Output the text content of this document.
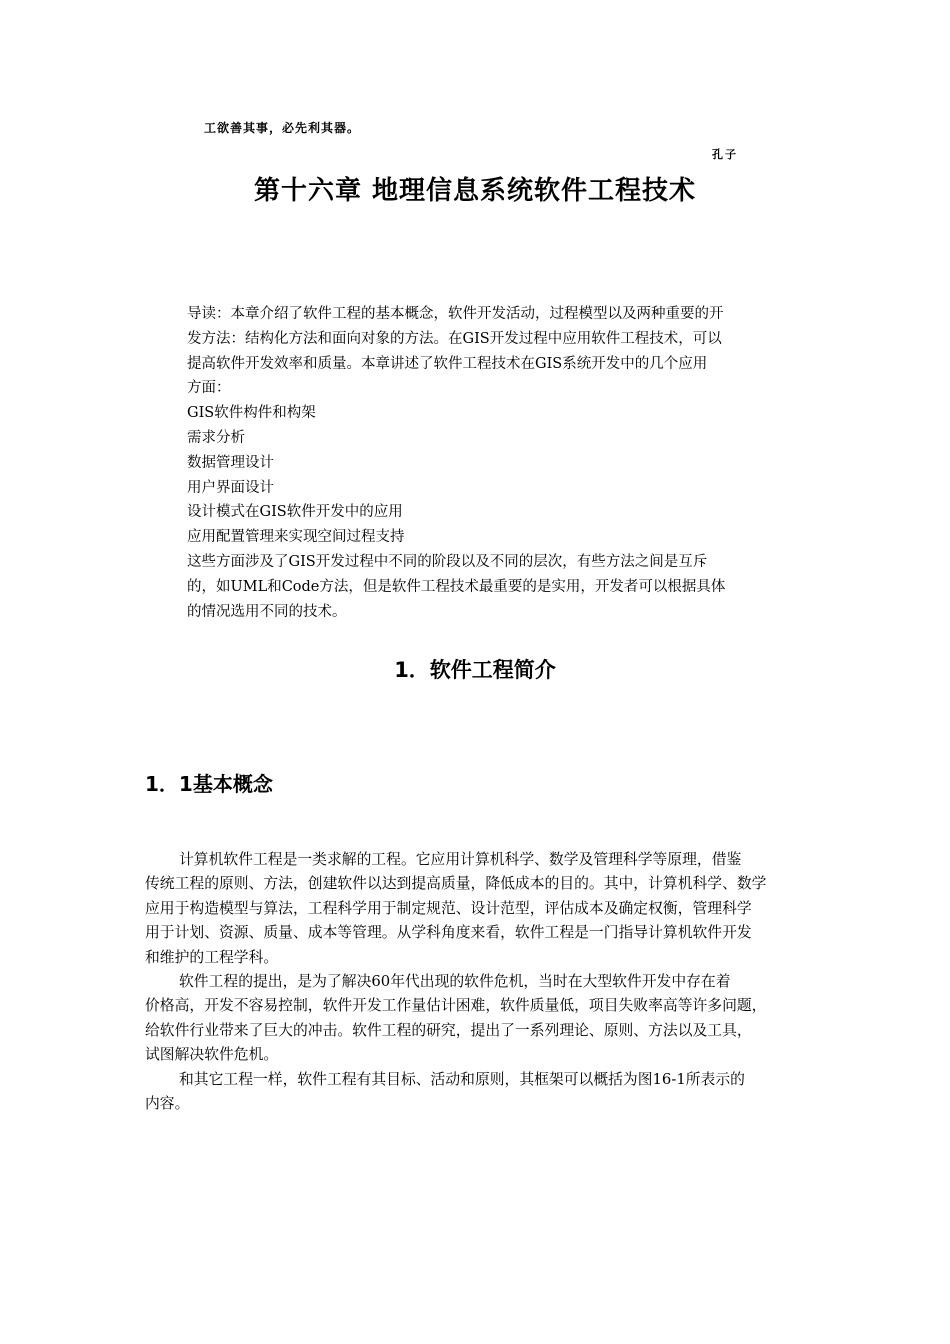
工欲善其事，必先利其器。
孔子
第十六章 地理信息系统软件工程技术
导读：本章介绍了软件工程的基本概念，软件开发活动，过程模型以及两种重要的开
发方法：结构化方法和面向对象的方法。在GIS开发过程中应用软件工程技术，可以
提高软件开发效率和质量。本章讲述了软件工程技术在GIS系统开发中的几个应用
方面：
GIS软件构件和构架
需求分析
数据管理设计
用户界面设计
设计模式在GIS软件开发中的应用
应用配置管理来实现空间过程支持
这些方面涉及了GIS开发过程中不同的阶段以及不同的层次，有些方法之间是互斥
的，如UML和Code方法，但是软件工程技术最重要的是实用，开发者可以根据具体
的情况选用不同的技术。
1．软件工程简介
1．1基本概念
计算机软件工程是一类求解的工程。它应用计算机科学、数学及管理科学等原理，借鉴
传统工程的原则、方法，创建软件以达到提高质量，降低成本的目的。其中，计算机科学、数学
应用于构造模型与算法，工程科学用于制定规范、设计范型，评估成本及确定权衡，管理科学
用于计划、资源、质量、成本等管理。从学科角度来看，软件工程是一门指导计算机软件开发
和维护的工程学科。
软件工程的提出，是为了解决60年代出现的软件危机，当时在大型软件开发中存在着
价格高，开发不容易控制，软件开发工作量估计困难，软件质量低，项目失败率高等许多问题，
给软件行业带来了巨大的冲击。软件工程的研究，提出了一系列理论、原则、方法以及工具，
试图解决软件危机。
和其它工程一样，软件工程有其目标、活动和原则，其框架可以概括为图16-1所表示的
内容。
